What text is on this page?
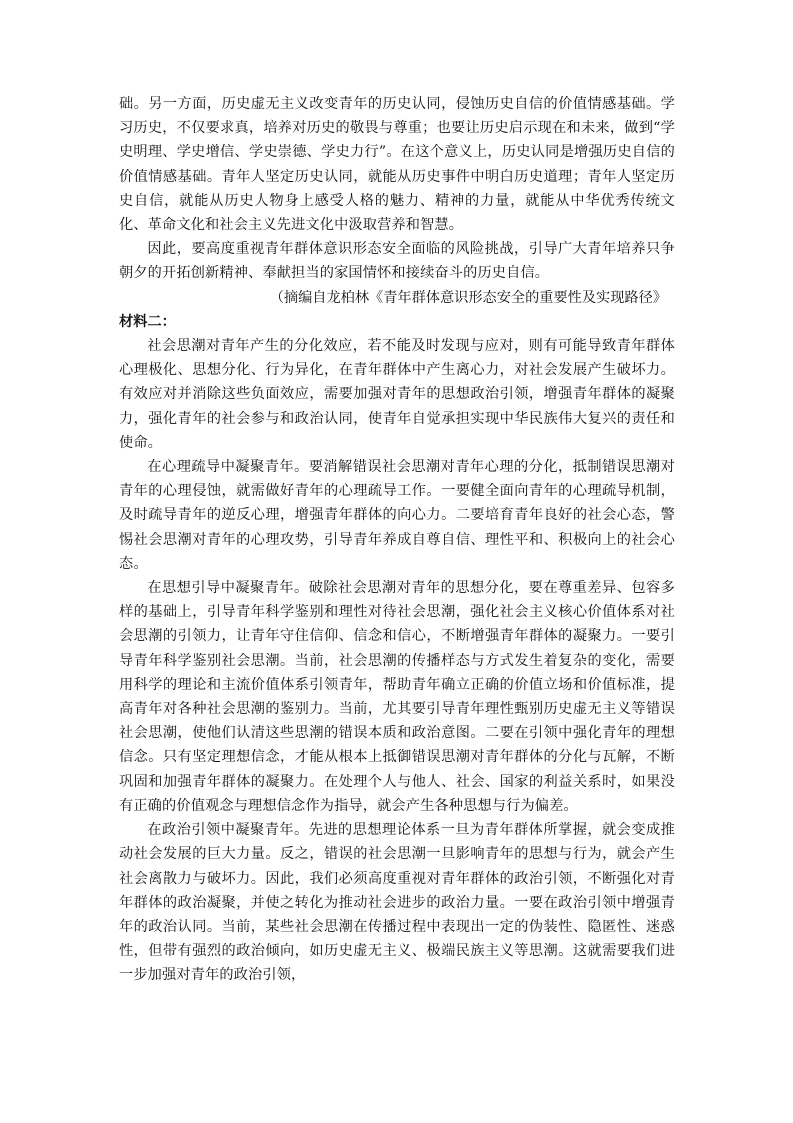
础。另一方面，历史虚无主义改变青年的历史认同，侵蚀历史自信的价值情感基础。学习历史，不仅要求真，培养对历史的敬畏与尊重；也要让历史启示现在和未来，做到“学史明理、学史增信、学史崇德、学史力行”。在这个意义上，历史认同是增强历史自信的价值情感基础。青年人坚定历史认同，就能从历史事件中明白历史道理；青年人坚定历史自信，就能从历史人物身上感受人格的魅力、精神的力量，就能从中华优秀传统文化、革命文化和社会主义先进文化中汲取营养和智慧。

因此，要高度重视青年群体意识形态安全面临的风险挑战，引导广大青年培养只争朝夕的开拓创新精神、奉献担当的家国情怀和接续奋斗的历史自信。

（摘编自龙柏林《青年群体意识形态安全的重要性及实现路径》

材料二：

社会思潮对青年产生的分化效应，若不能及时发现与应对，则有可能导致青年群体心理极化、思想分化、行为异化，在青年群体中产生离心力，对社会发展产生破坏力。有效应对并消除这些负面效应，需要加强对青年的思想政治引领，增强青年群体的凝聚力，强化青年的社会参与和政治认同，使青年自觉承担实现中华民族伟大复兴的责任和使命。

在心理疏导中凝聚青年。要消解错误社会思潮对青年心理的分化，抵制错误思潮对青年的心理侵蚀，就需做好青年的心理疏导工作。一要健全面向青年的心理疏导机制，及时疏导青年的逆反心理，增强青年群体的向心力。二要培育青年良好的社会心态，警惕社会思潮对青年的心理攻势，引导青年养成自尊自信、理性平和、积极向上的社会心态。

在思想引导中凝聚青年。破除社会思潮对青年的思想分化，要在尊重差异、包容多样的基础上，引导青年科学鉴别和理性对待社会思潮，强化社会主义核心价值体系对社会思潮的引领力，让青年守住信仰、信念和信心，不断增强青年群体的凝聚力。一要引导青年科学鉴别社会思潮。当前，社会思潮的传播样态与方式发生着复杂的变化，需要用科学的理论和主流价值体系引领青年，帮助青年确立正确的价值立场和价值标准，提高青年对各种社会思潮的鉴别力。当前，尤其要引导青年理性甄别历史虚无主义等错误社会思潮，使他们认清这些思潮的错误本质和政治意图。二要在引领中强化青年的理想信念。只有坚定理想信念，才能从根本上抵御错误思潮对青年群体的分化与瓦解，不断巩固和加强青年群体的凝聚力。在处理个人与他人、社会、国家的利益关系时，如果没有正确的价值观念与理想信念作为指导，就会产生各种思想与行为偏差。

在政治引领中凝聚青年。先进的思想理论体系一旦为青年群体所掌握，就会变成推动社会发展的巨大力量。反之，错误的社会思潮一旦影响青年的思想与行为，就会产生社会离散力与破坏力。因此，我们必须高度重视对青年群体的政治引领，不断强化对青年群体的政治凝聚，并使之转化为推动社会进步的政治力量。一要在政治引领中增强青年的政治认同。当前，某些社会思潮在传播过程中表现出一定的伪装性、隐匿性、迷惑性，但带有强烈的政治倾向，如历史虚无主义、极端民族主义等思潮。这就需要我们进一步加强对青年的政治引领，
